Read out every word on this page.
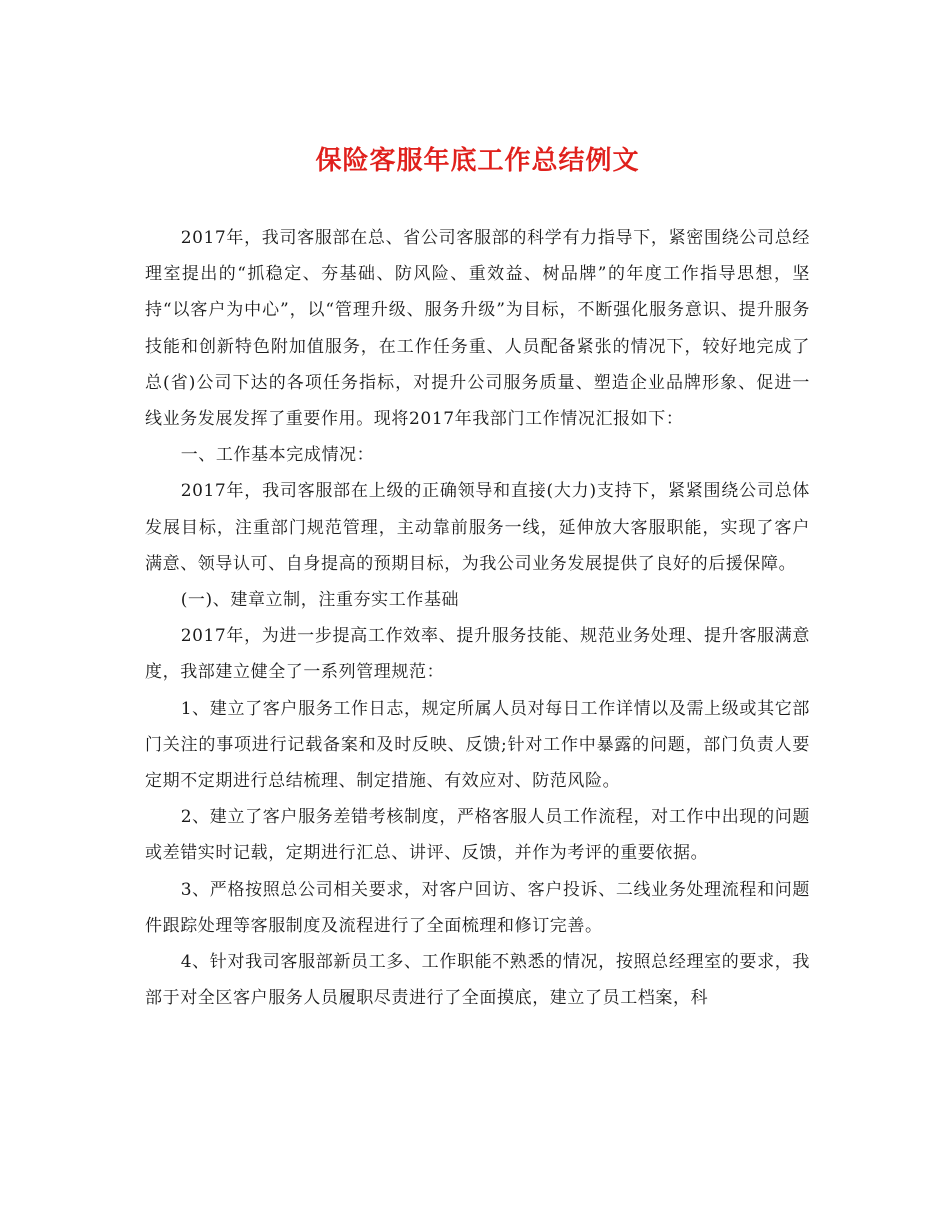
保险客服年底工作总结例文

2017年，我司客服部在总、省公司客服部的科学有力指导下，紧密围绕公司总经理室提出的“抓稳定、夯基础、防风险、重效益、树品牌”的年度工作指导思想，坚持“以客户为中心”，以“管理升级、服务升级”为目标，不断强化服务意识、提升服务技能和创新特色附加值服务，在工作任务重、人员配备紧张的情况下，较好地完成了总(省)公司下达的各项任务指标，对提升公司服务质量、塑造企业品牌形象、促进一线业务发展发挥了重要作用。现将2017年我部门工作情况汇报如下：

一、工作基本完成情况：

2017年，我司客服部在上级的正确领导和直接(大力)支持下，紧紧围绕公司总体发展目标，注重部门规范管理，主动靠前服务一线，延伸放大客服职能，实现了客户满意、领导认可、自身提高的预期目标，为我公司业务发展提供了良好的后援保障。

(一)、建章立制，注重夯实工作基础

2017年，为进一步提高工作效率、提升服务技能、规范业务处理、提升客服满意度，我部建立健全了一系列管理规范：

1、建立了客户服务工作日志，规定所属人员对每日工作详情以及需上级或其它部门关注的事项进行记载备案和及时反映、反馈;针对工作中暴露的问题，部门负责人要定期不定期进行总结梳理、制定措施、有效应对、防范风险。

2、建立了客户服务差错考核制度，严格客服人员工作流程，对工作中出现的问题或差错实时记载，定期进行汇总、讲评、反馈，并作为考评的重要依据。

3、严格按照总公司相关要求，对客户回访、客户投诉、二线业务处理流程和问题件跟踪处理等客服制度及流程进行了全面梳理和修订完善。

4、针对我司客服部新员工多、工作职能不熟悉的情况，按照总经理室的要求，我部于对全区客户服务人员履职尽责进行了全面摸底，建立了员工档案，科
